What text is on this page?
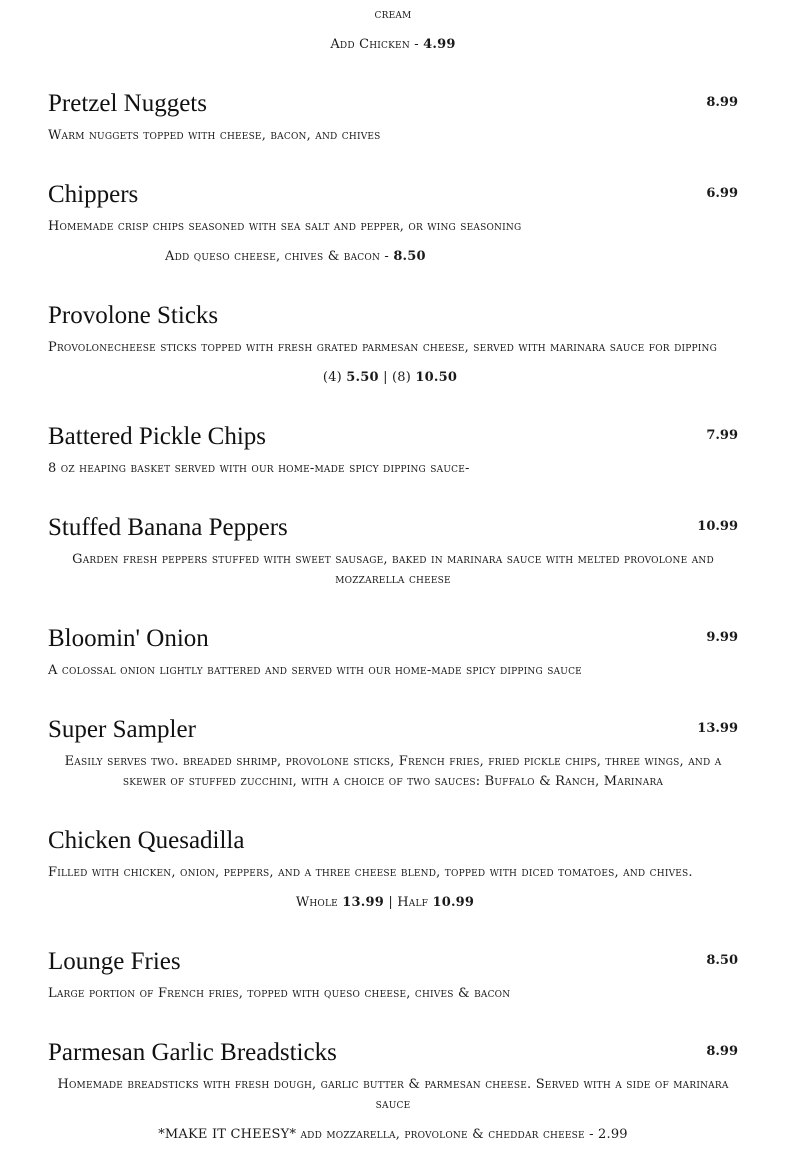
cream
Add Chicken - 4.99
Pretzel Nuggets	8.99
Warm nuggets topped with cheese, bacon, and chives
Chippers	6.99
Homemade crisp chips seasoned with sea salt and pepper, or wing seasoning
Add queso cheese, chives & bacon - 8.50
Provolone Sticks
Provolonecheese sticks topped with fresh grated parmesan cheese, served with marinara sauce for dipping
(4) 5.50 | (8) 10.50
Battered Pickle Chips	7.99
8 oz heaping basket served with our home-made spicy dipping sauce-
Stuffed Banana Peppers	10.99
Garden fresh peppers stuffed with sweet sausage, baked in marinara sauce with melted provolone and
mozzarella cheese
Bloomin' Onion	9.99
A colossal onion lightly battered and served with our home-made spicy dipping sauce
Super Sampler	13.99
Easily serves two. breaded shrimp, provolone sticks, French fries, fried pickle chips, three wings, and a
skewer of stuffed zucchini, with a choice of two sauces: Buffalo & Ranch, Marinara
Chicken Quesadilla
Filled with chicken, onion, peppers, and a three cheese blend, topped with diced tomatoes, and chives.
Whole 13.99 | Half 10.99
Lounge Fries	8.50
Large portion of French fries, topped with queso cheese, chives & bacon
Parmesan Garlic Breadsticks	8.99
Homemade breadsticks with fresh dough, garlic butter & parmesan cheese. Served with a side of marinara
sauce
*MAKE IT CHEESY* add mozzarella, provolone & cheddar cheese - 2.99
